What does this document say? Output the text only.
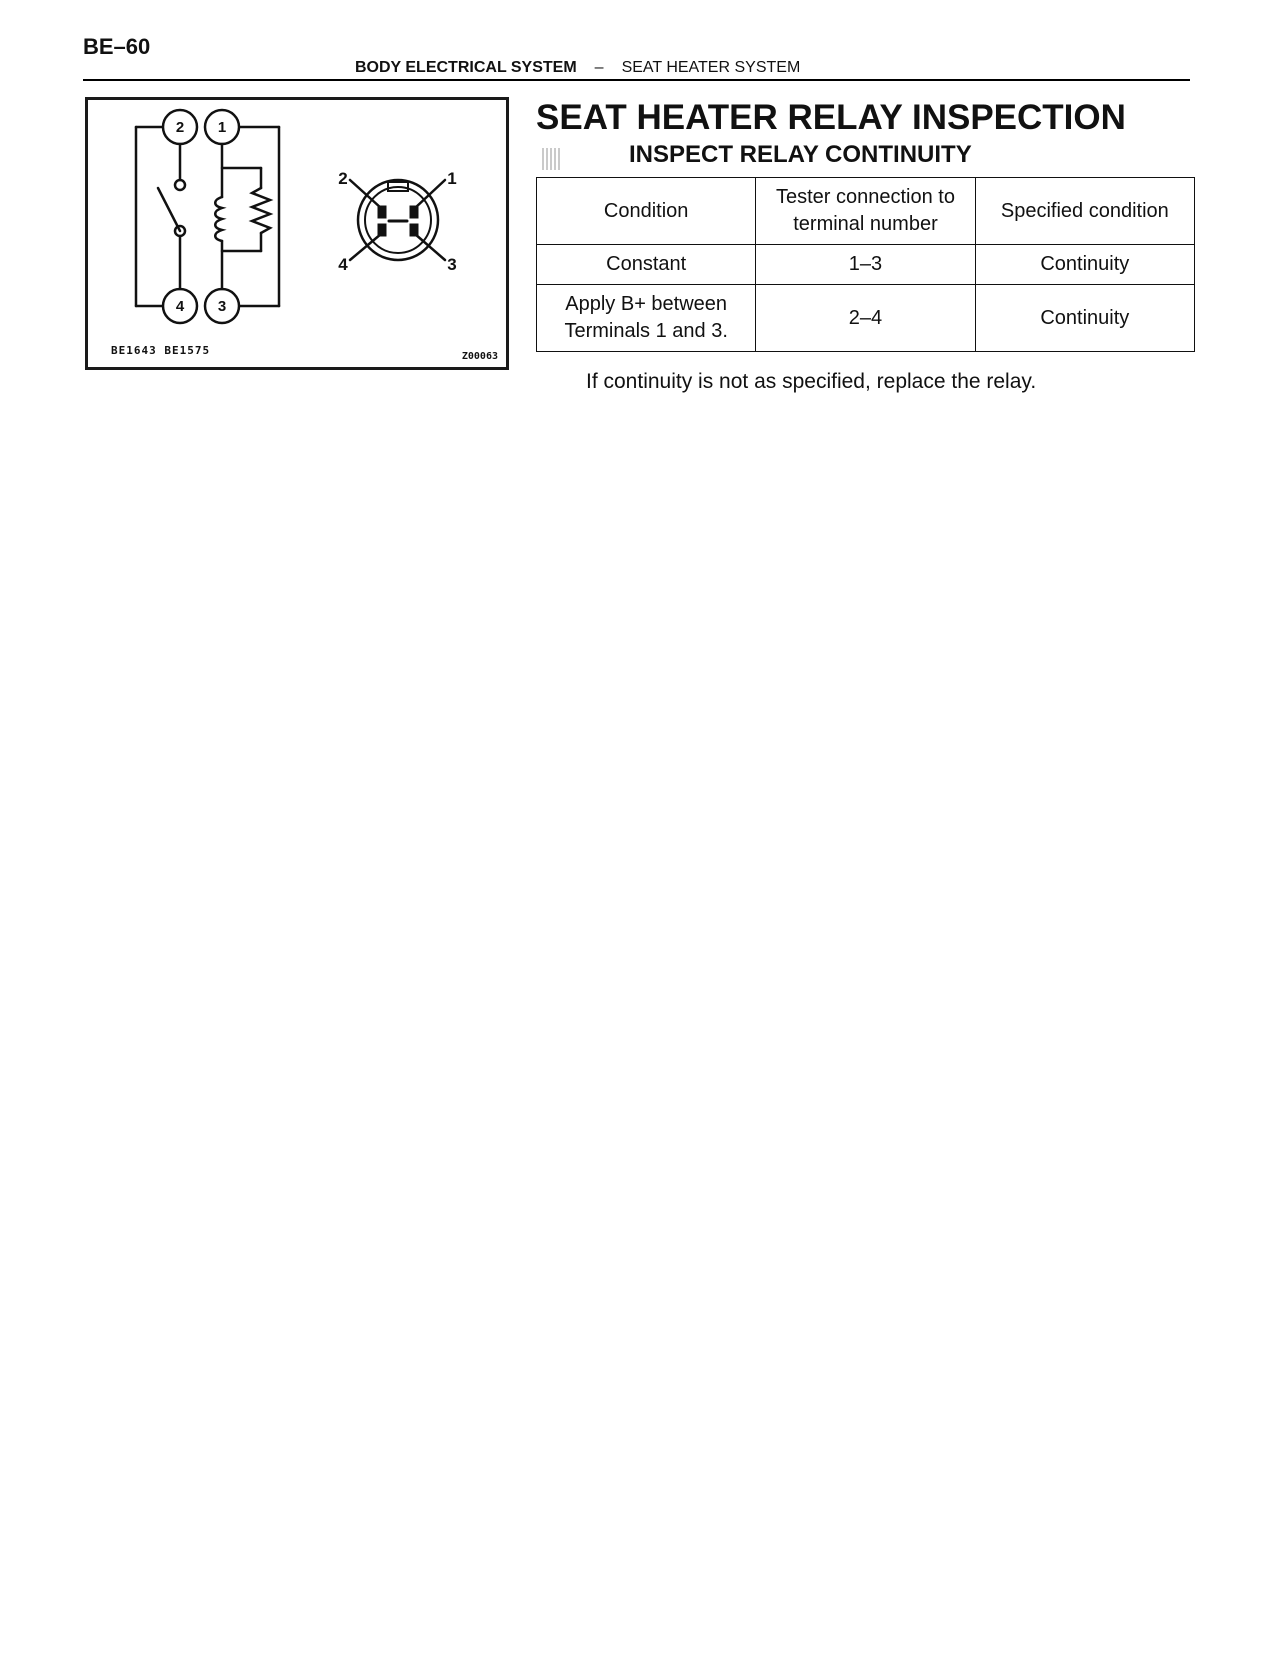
BE–60
BODY ELECTRICAL SYSTEM – SEAT HEATER SYSTEM
2 1
4 3
2	1
4	3
BE1643 BE1575	Z00063
SEAT HEATER RELAY INSPECTION
INSPECT RELAY CONTINUITY
Condition	Tester connection to terminal number	Specified condition
Constant	1–3	Continuity
Apply B+ between Terminals 1 and 3.	2–4	Continuity
If continuity is not as specified, replace the relay.
